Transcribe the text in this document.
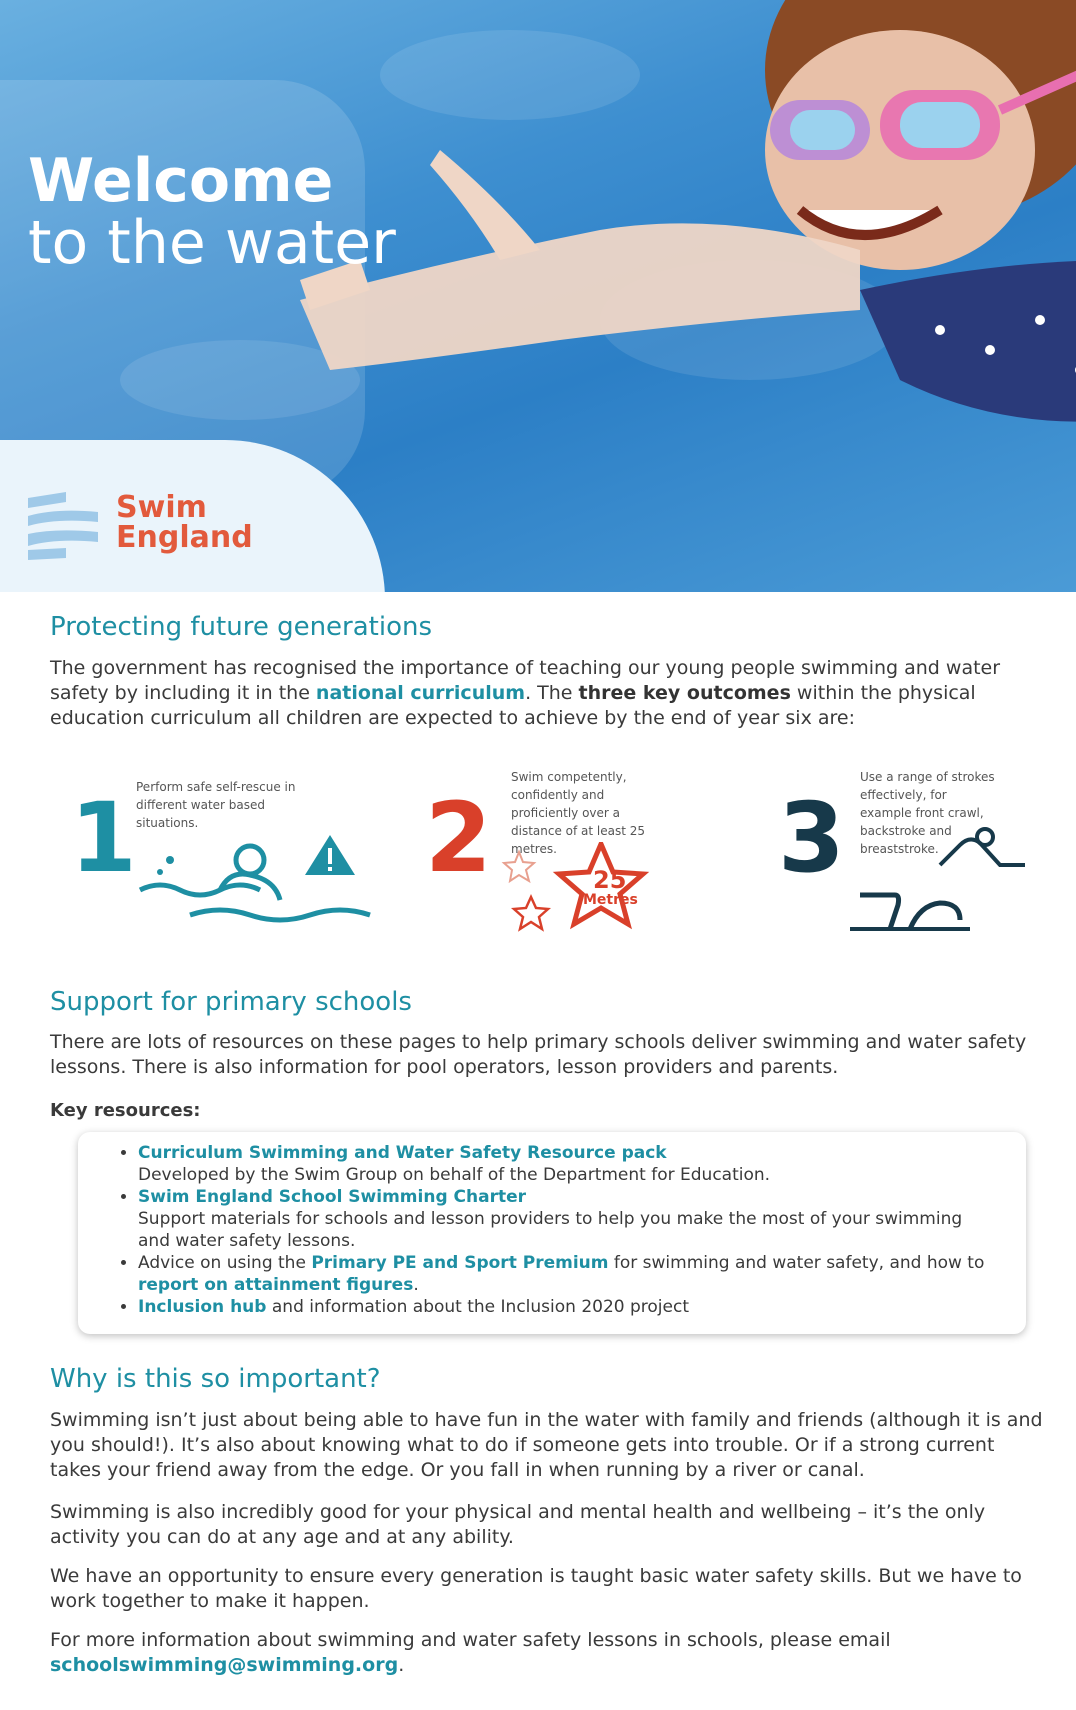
Welcome
to the water
Swim
England
Protecting future generations

The government has recognised the importance of teaching our young people swimming and water safety by including it in the national curriculum. The three key outcomes within the physical education curriculum all children are expected to achieve by the end of year six are:

1 Perform safe self-rescue in different water based situations.	2
Swim competently, confidently and proficiently over a distance of at least 25 metres.
25
Metres
3
Use a range of strokes effectively, for example front crawl, backstroke and breaststroke.
Support for primary schools

There are lots of resources on these pages to help primary schools deliver swimming and water safety lessons. There is also information for pool operators, lesson providers and parents.

Key resources:

• Curriculum Swimming and Water Safety Resource pack
Developed by the Swim Group on behalf of the Department for Education.
• Swim England School Swimming Charter
Support materials for schools and lesson providers to help you make the most of your swimming and water safety lessons.
• Advice on using the Primary PE and Sport Premium for swimming and water safety, and how to report on attainment figures.
• Inclusion hub and information about the Inclusion 2020 project
Why is this so important?

Swimming isn’t just about being able to have fun in the water with family and friends (although it is and you should!). It’s also about knowing what to do if someone gets into trouble. Or if a strong current takes your friend away from the edge. Or you fall in when running by a river or canal.

Swimming is also incredibly good for your physical and mental health and wellbeing – it’s the only activity you can do at any age and at any ability.

We have an opportunity to ensure every generation is taught basic water safety skills. But we have to work together to make it happen.

For more information about swimming and water safety lessons in schools, please email schoolswimming@swimming.org.
